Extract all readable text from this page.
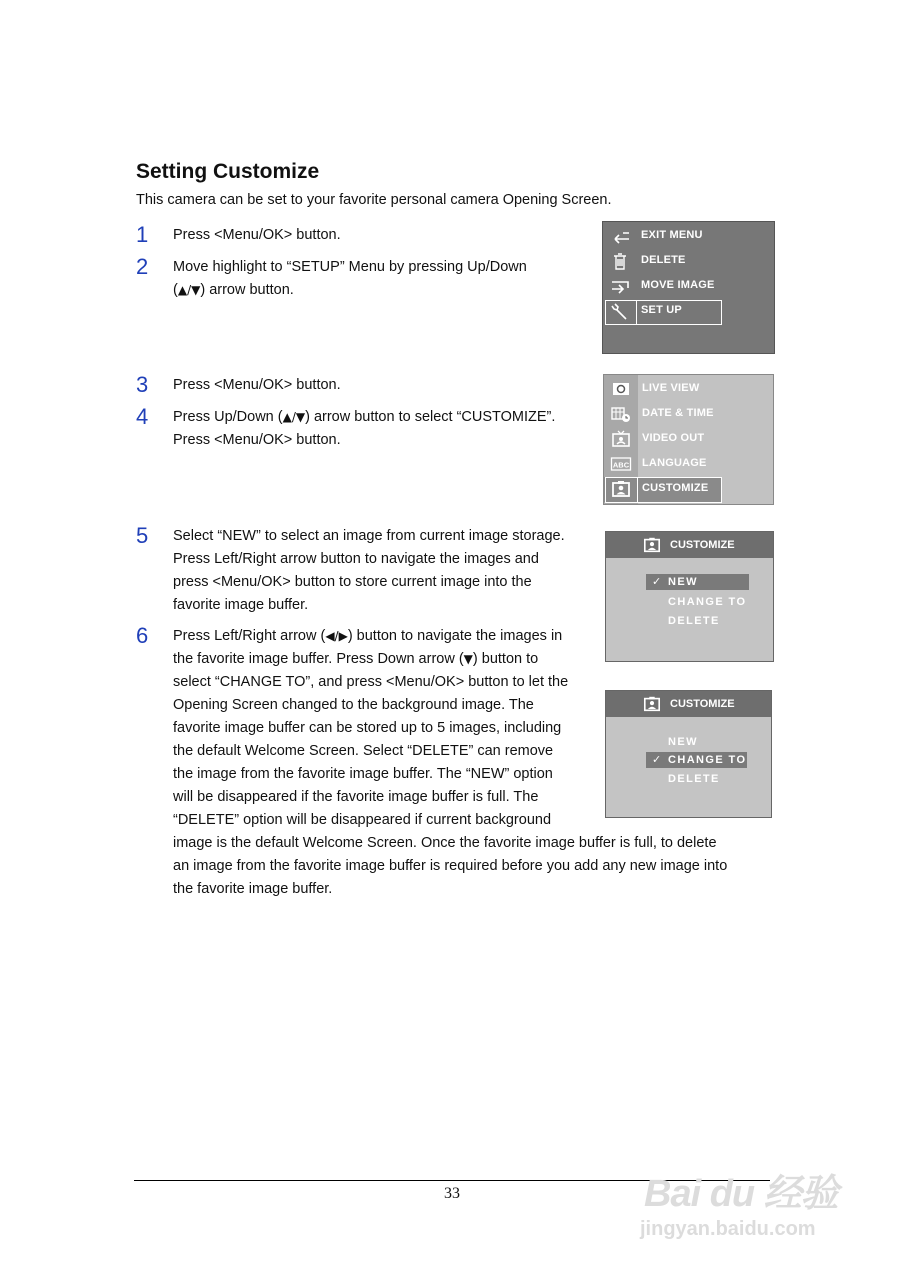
Setting Customize
This camera can be set to your favorite personal camera Opening Screen.
1 Press <Menu/OK> button.
2 Move highlight to “SETUP” Menu by pressing Up/Down
(▲/▼) arrow button.
3 Press <Menu/OK> button.
4 Press Up/Down (▲/▼) arrow button to select “CUSTOMIZE”.
Press <Menu/OK> button.
5 Select “NEW” to select an image from current image storage.
Press Left/Right arrow button to navigate the images and
press <Menu/OK> button to store current image into the
favorite image buffer.
6 Press Left/Right arrow (◀/▶) button to navigate the images in
the favorite image buffer. Press Down arrow (▼) button to
select “CHANGE TO”, and press <Menu/OK> button to let the
Opening Screen changed to the background image. The
favorite image buffer can be stored up to 5 images, including
the default Welcome Screen. Select “DELETE” can remove
the image from the favorite image buffer. The “NEW” option
will be disappeared if the favorite image buffer is full. The
“DELETE” option will be disappeared if current background
image is the default Welcome Screen. Once the favorite image buffer is full, to delete
an image from the favorite image buffer is required before you add any new image into
the favorite image buffer.
EXIT MENU
DELETE
MOVE IMAGE
SET UP
LIVE VIEW
DATE & TIME
VIDEO OUT
ABC LANGUAGE
CUSTOMIZE
CUSTOMIZE
✓ NEW
CHANGE TO
DELETE
CUSTOMIZE
NEW
✓ CHANGE TO
DELETE
33	Bai du 经验
jingyan.baidu.com
